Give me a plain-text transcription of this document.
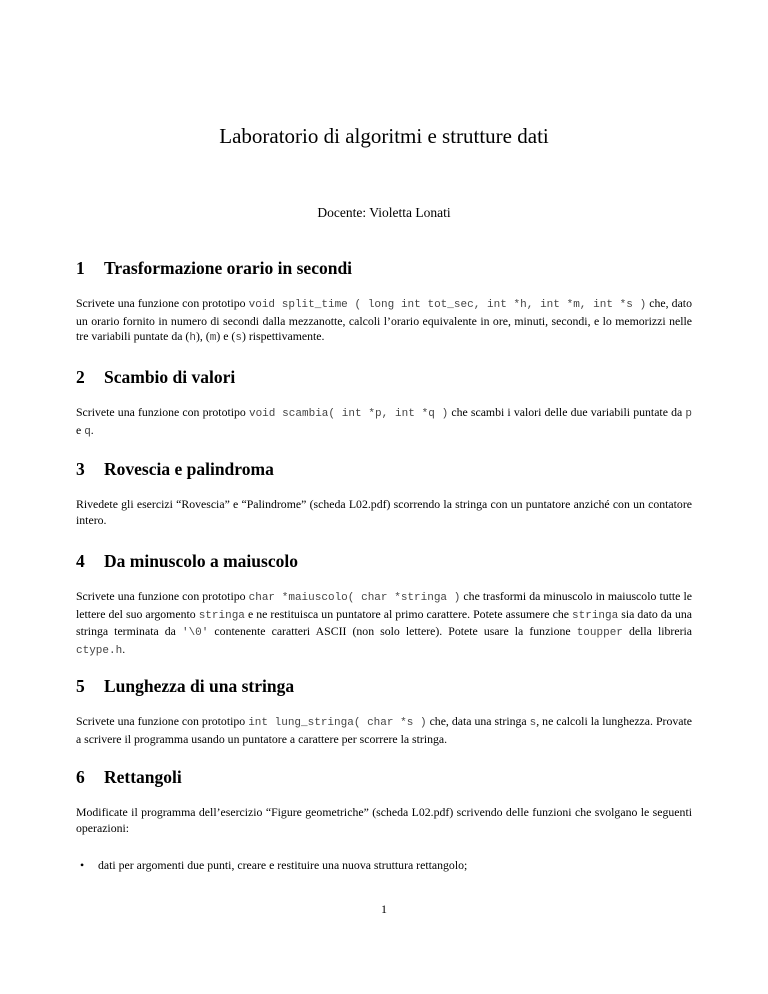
Laboratorio di algoritmi e strutture dati
Docente: Violetta Lonati
1 Trasformazione orario in secondi

Scrivete una funzione con prototipo void split_time ( long int tot_sec, int *h, int *m, int *s ) che, dato un orario fornito in numero di secondi dalla mezzanotte, calcoli l’orario equivalente in ore, minuti, secondi, e lo memorizzi nelle tre variabili puntate da (h), (m) e (s) rispettivamente.

2 Scambio di valori

Scrivete una funzione con prototipo void scambia( int *p, int *q ) che scambi i valori delle due variabili puntate da p e q.

3 Rovescia e palindroma

Rivedete gli esercizi “Rovescia” e “Palindrome” (scheda L02.pdf) scorrendo la stringa con un puntatore anziché con un contatore intero.

4 Da minuscolo a maiuscolo

Scrivete una funzione con prototipo char *maiuscolo( char *stringa ) che trasformi da minuscolo in maiuscolo tutte le lettere del suo argomento stringa e ne restituisca un puntatore al primo carattere. Potete assumere che stringa sia dato da una stringa terminata da '\0' contenente caratteri ASCII (non solo lettere). Potete usare la funzione toupper della libreria ctype.h.

5 Lunghezza di una stringa

Scrivete una funzione con prototipo int lung_stringa( char *s ) che, data una stringa s, ne calcoli la lunghezza. Provate a scrivere il programma usando un puntatore a carattere per scorrere la stringa.

6 Rettangoli

Modificate il programma dell’esercizio “Figure geometriche” (scheda L02.pdf) scrivendo delle funzioni che svolgano le seguenti operazioni:

• dati per argomenti due punti, creare e restituire una nuova struttura rettangolo;
1
